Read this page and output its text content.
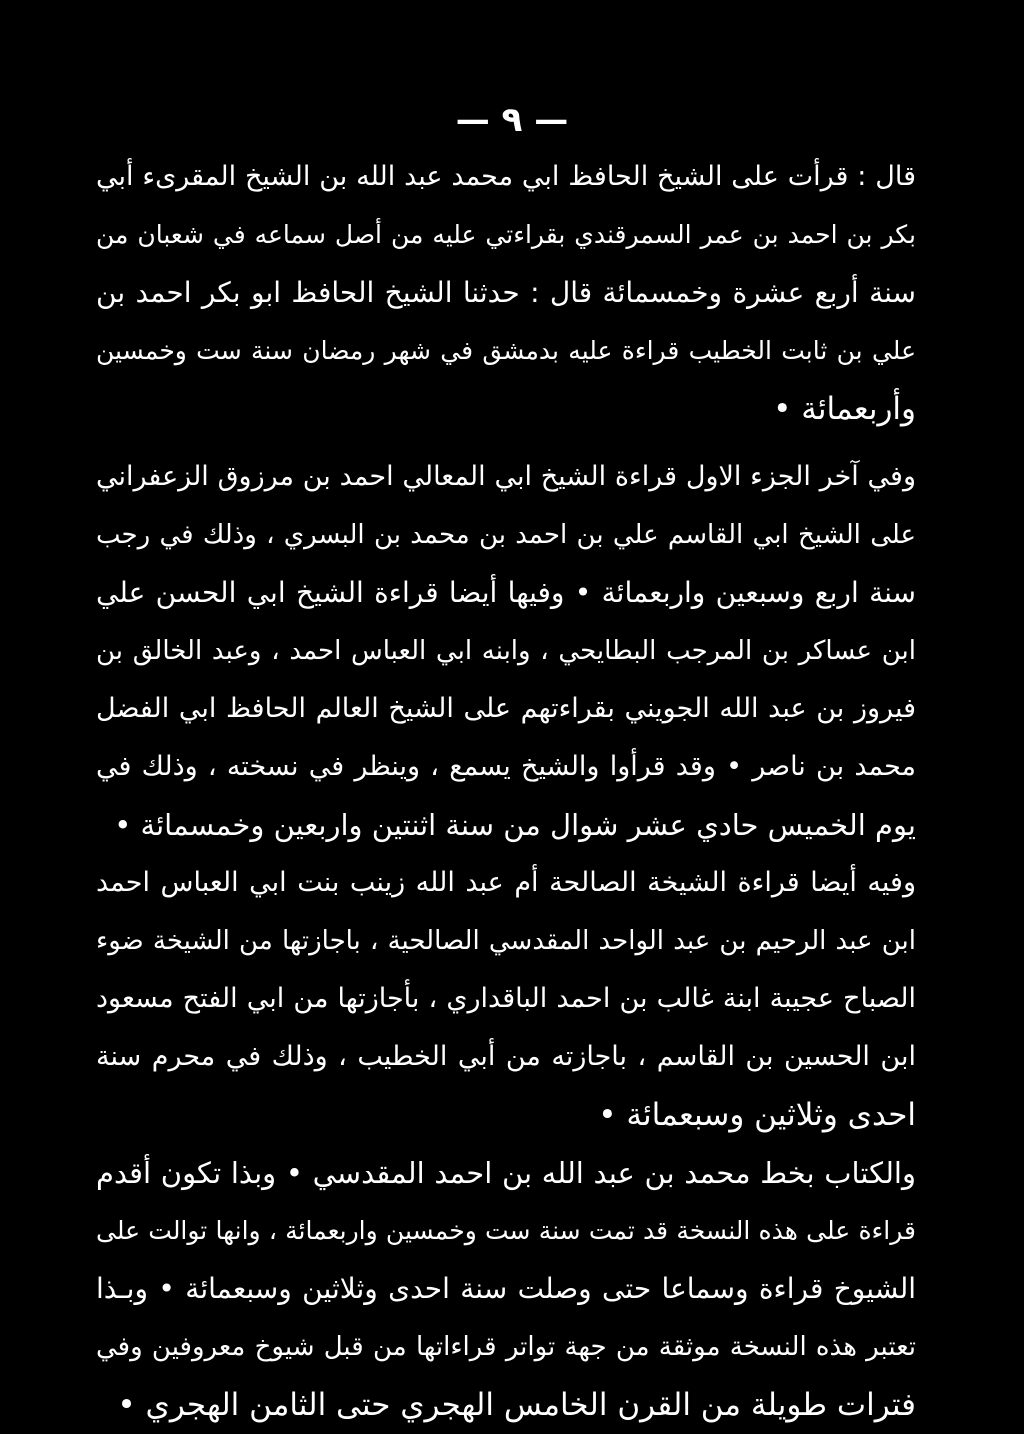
— ٩ —
قال : قرأت على الشيخ الحافظ ابي محمد عبد الله بن الشيخ المقرىء أبي
بكر بن احمد بن عمر السمرقندي بقراءتي عليه من أصل سماعه في شعبان من
سنة أربع عشرة وخمسمائة قال : حدثنا الشيخ الحافظ ابو بكر احمد بن
علي بن ثابت الخطيب قراءة عليه بدمشق في شهر رمضان سنة ست وخمسين
وأربعمائة •
وفي آخر الجزء الاول قراءة الشيخ ابي المعالي احمد بن مرزوق الزعفراني
على الشيخ ابي القاسم علي بن احمد بن محمد بن البسري ، وذلك في رجب
سنة اربع وسبعين واربعمائة • وفيها أيضا قراءة الشيخ ابي الحسن علي
ابن عساكر بن المرجب البطايحي ، وابنه ابي العباس احمد ، وعبد الخالق بن
فيروز بن عبد الله الجويني بقراءتهم على الشيخ العالم الحافظ ابي الفضل
محمد بن ناصر • وقد قرأوا والشيخ يسمع ، وينظر في نسخته ، وذلك في
يوم الخميس حادي عشر شوال من سنة اثنتين واربعين وخمسمائة •
وفيه أيضا قراءة الشيخة الصالحة أم عبد الله زينب بنت ابي العباس احمد
ابن عبد الرحيم بن عبد الواحد المقدسي الصالحية ، باجازتها من الشيخة ضوء
الصباح عجيبة ابنة غالب بن احمد الباقداري ، بأجازتها من ابي الفتح مسعود
ابن الحسين بن القاسم ، باجازته من أبي الخطيب ، وذلك في محرم سنة
احدى وثلاثين وسبعمائة •
والكتاب بخط محمد بن عبد الله بن احمد المقدسي • وبذا تكون أقدم
قراءة على هذه النسخة قد تمت سنة ست وخمسين واربعمائة ، وانها توالت على
الشيوخ قراءة وسماعا حتى وصلت سنة احدى وثلاثين وسبعمائة • وبـذا
تعتبر هذه النسخة موثقة من جهة تواتر قراءاتها من قبل شيوخ معروفين وفي
فترات طويلة من القرن الخامس الهجري حتى الثامن الهجري •
